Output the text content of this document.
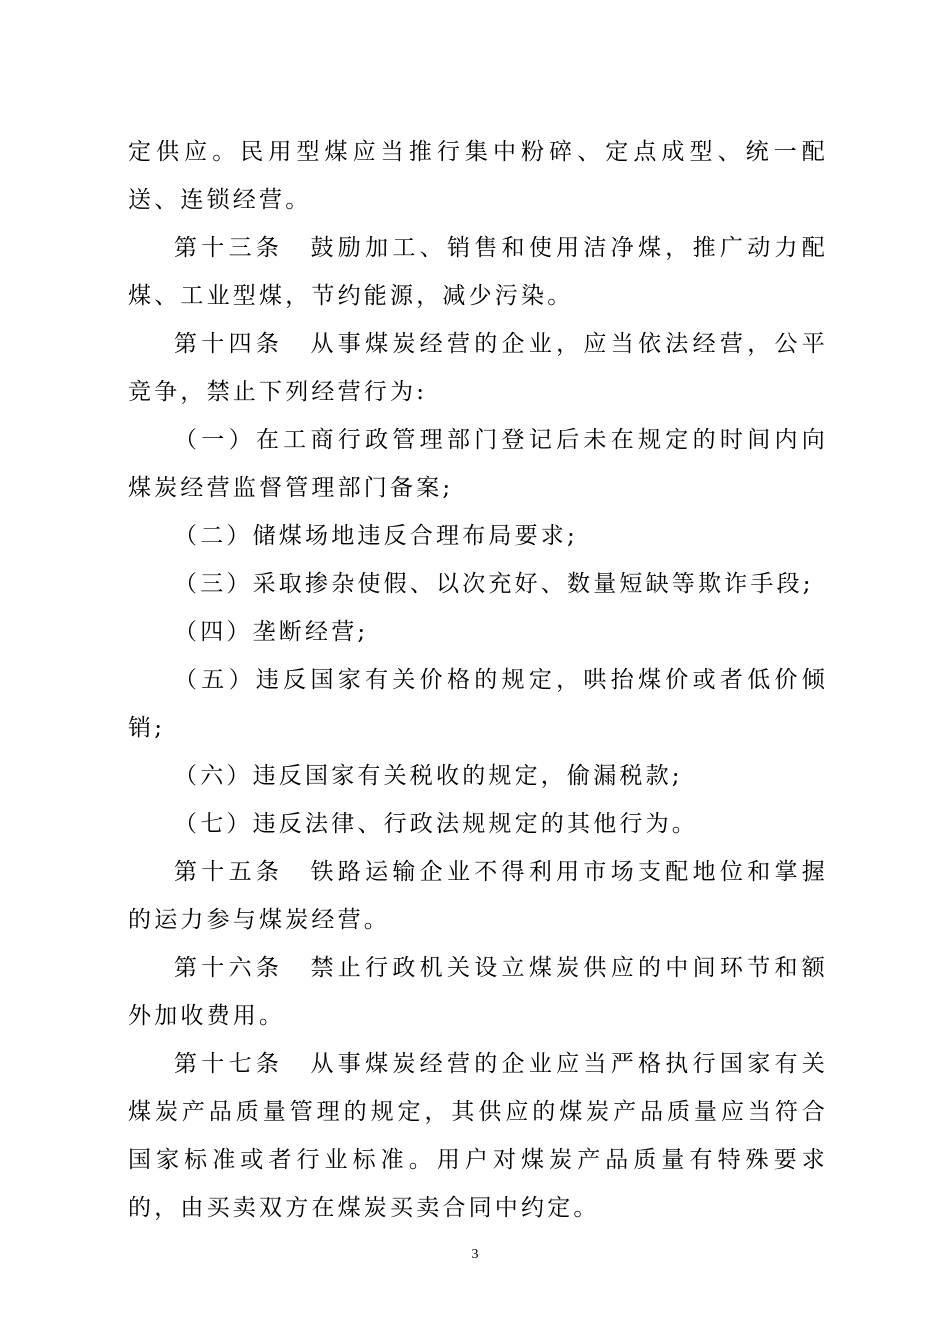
定供应。民用型煤应当推行集中粉碎、定点成型、统一配送、连锁经营。

第十三条　鼓励加工、销售和使用洁净煤，推广动力配煤、工业型煤，节约能源，减少污染。

第十四条　从事煤炭经营的企业，应当依法经营，公平竞争，禁止下列经营行为:

（一）在工商行政管理部门登记后未在规定的时间内向煤炭经营监督管理部门备案;

（二）储煤场地违反合理布局要求;

（三）采取掺杂使假、以次充好、数量短缺等欺诈手段;

（四）垄断经营;

（五）违反国家有关价格的规定，哄抬煤价或者低价倾销;

（六）违反国家有关税收的规定，偷漏税款;

（七）违反法律、行政法规规定的其他行为。

第十五条　铁路运输企业不得利用市场支配地位和掌握的运力参与煤炭经营。

第十六条　禁止行政机关设立煤炭供应的中间环节和额外加收费用。

第十七条　从事煤炭经营的企业应当严格执行国家有关煤炭产品质量管理的规定，其供应的煤炭产品质量应当符合国家标准或者行业标准。用户对煤炭产品质量有特殊要求的，由买卖双方在煤炭买卖合同中约定。

3
